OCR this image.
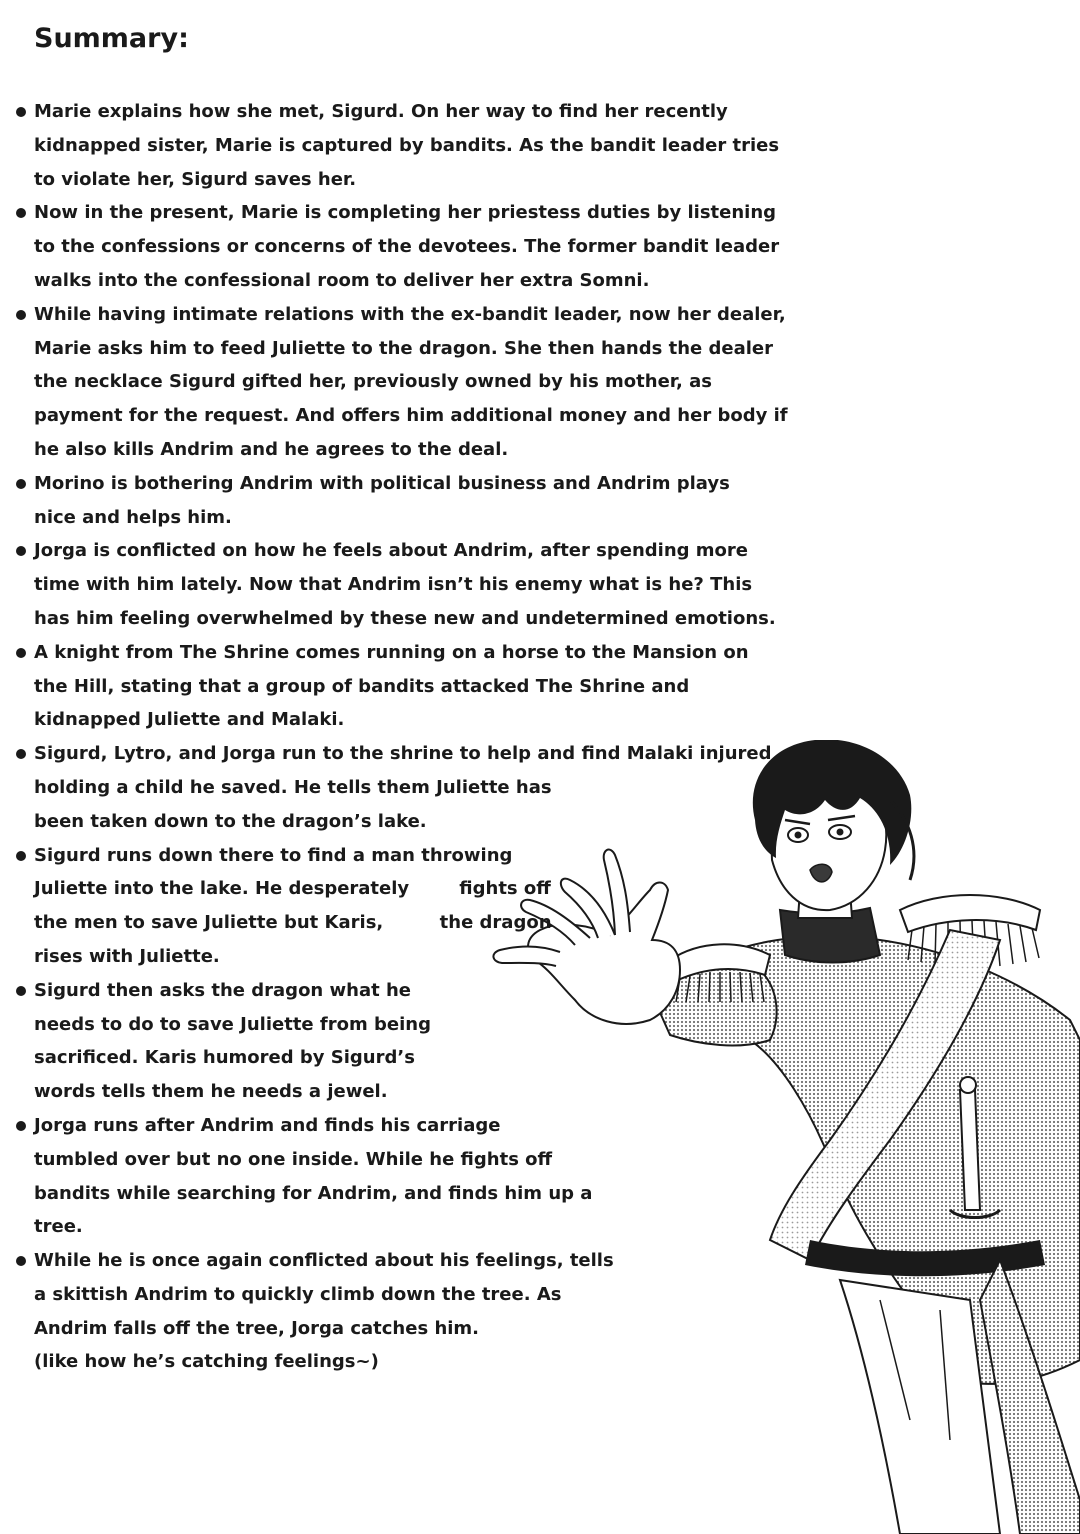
Summary:
Marie explains how she met, Sigurd. On her way to find her recently
kidnapped sister, Marie is captured by bandits. As the bandit leader tries
to violate her, Sigurd saves her.
Now in the present, Marie is completing her priestess duties by listening
to the confessions or concerns of the devotees. The former bandit leader
walks into the confessional room to deliver her extra Somni.
While having intimate relations with the ex-bandit leader, now her dealer,
Marie asks him to feed Juliette to the dragon. She then hands the dealer
the necklace Sigurd gifted her, previously owned by his mother, as
payment for the request. And offers him additional money and her body if
he also kills Andrim and he agrees to the deal.
Morino is bothering Andrim with political business and Andrim plays
nice and helps him.
Jorga is conflicted on how he feels about Andrim, after spending more
time with him lately. Now that Andrim isn’t his enemy what is he? This
has him feeling overwhelmed by these new and undetermined emotions.
A knight from The Shrine comes running on a horse to the Mansion on
the Hill, stating that a group of bandits attacked The Shrine and
kidnapped Juliette and Malaki.
Sigurd, Lytro, and Jorga run to the shrine to help and find Malaki injured
holding a child he saved. He tells them Juliette has
been taken down to the dragon’s lake.
Sigurd runs down there to find a man throwing
Juliette into the lake. He desperately        fights off
the men to save Juliette but Karis,         the dragon
rises with Juliette.
Sigurd then asks the dragon what he
needs to do to save Juliette from being
sacrificed. Karis humored by Sigurd’s
words tells them he needs a jewel.
Jorga runs after Andrim and finds his carriage
tumbled over but no one inside. While he fights off
bandits while searching for Andrim, and finds him up a
tree.
While he is once again conflicted about his feelings, tells
a skittish Andrim to quickly climb down the tree. As
Andrim falls off the tree, Jorga catches him.
(like how he’s catching feelings~)
